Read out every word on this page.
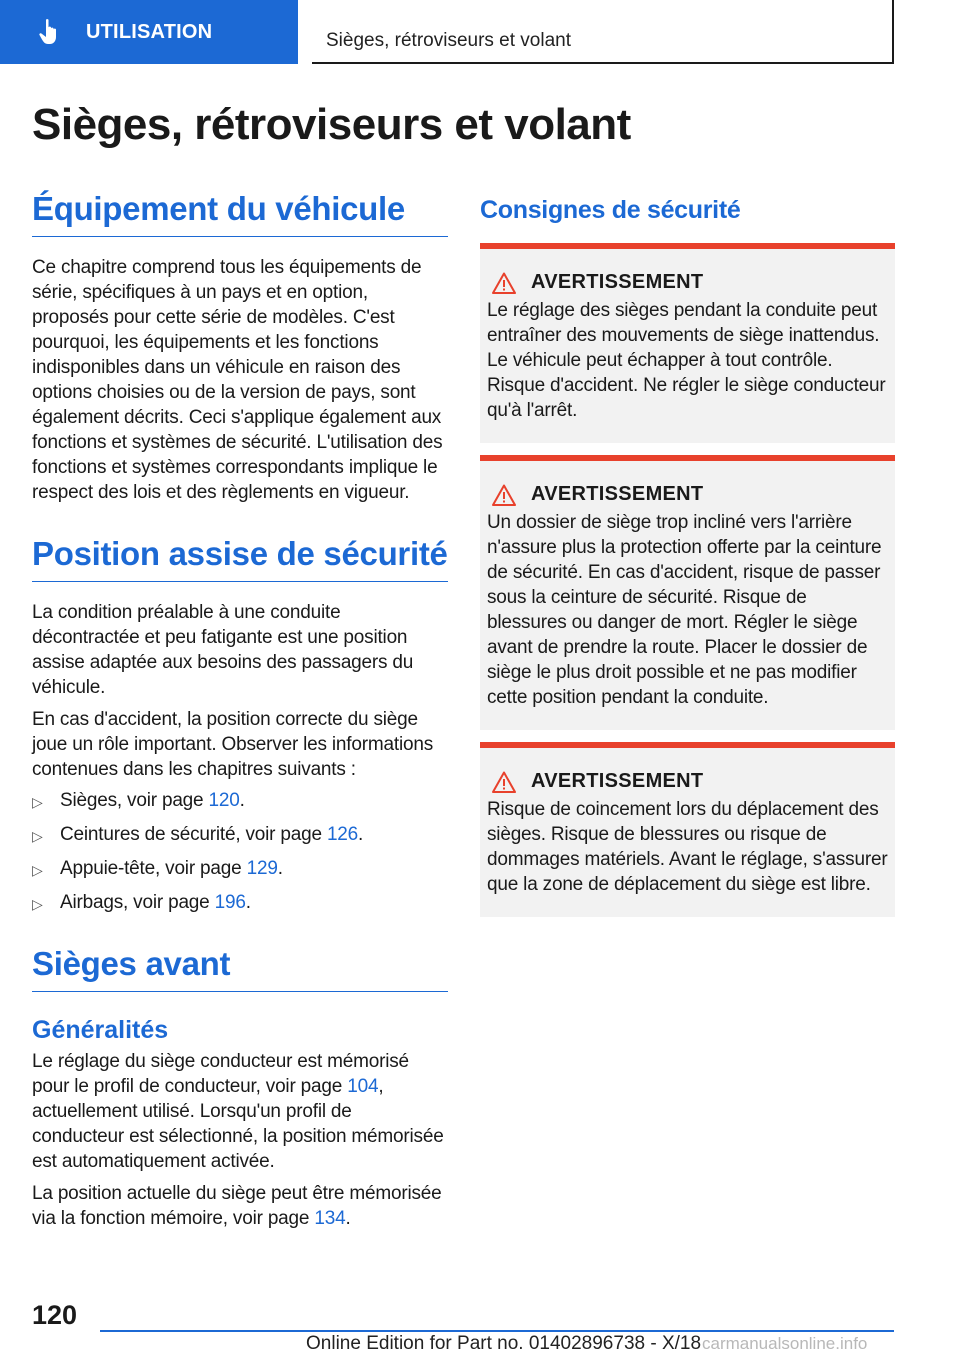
UTILISATION	Sièges, rétroviseurs et volant
Sièges, rétroviseurs et volant
Équipement du véhicule

Ce chapitre comprend tous les équipements de série, spécifiques à un pays et en option, proposés pour cette série de modèles. C'est pourquoi, les équipements et les fonctions indisponibles dans un véhicule en raison des options choisies ou de la version de pays, sont également décrits. Ceci s'applique également aux fonctions et systèmes de sécurité. L'utilisation des fonctions et systèmes correspondants implique le respect des lois et des règlements en vigueur.

Position assise de sécurité

La condition préalable à une conduite décontractée et peu fatigante est une position assise adaptée aux besoins des passagers du véhicule.

En cas d'accident, la position correcte du siège joue un rôle important. Observer les informations contenues dans les chapitres suivants :

▷ Sièges, voir page 120.
▷ Ceintures de sécurité, voir page 126.
▷ Appuie-tête, voir page 129.
▷ Airbags, voir page 196.
Sièges avant
Généralités

Le réglage du siège conducteur est mémorisé pour le profil de conducteur, voir page 104, actuellement utilisé. Lorsqu'un profil de conducteur est sélectionné, la position mémorisée est automatiquement activée.

La position actuelle du siège peut être mémorisée via la fonction mémoire, voir page 134.

Consignes de sécurité
AVERTISSEMENT

Le réglage des sièges pendant la conduite peut entraîner des mouvements de siège inattendus. Le véhicule peut échapper à tout contrôle. Risque d'accident. Ne régler le siège conducteur qu'à l'arrêt.

AVERTISSEMENT

Un dossier de siège trop incliné vers l'arrière n'assure plus la protection offerte par la ceinture de sécurité. En cas d'accident, risque de passer sous la ceinture de sécurité. Risque de blessures ou danger de mort. Régler le siège avant de prendre la route. Placer le dossier de siège le plus droit possible et ne pas modifier cette position pendant la conduite.

AVERTISSEMENT

Risque de coincement lors du déplacement des sièges. Risque de blessures ou risque de dommages matériels. Avant le réglage, s'assurer que la zone de déplacement du siège est libre.

120
Online Edition for Part no. 01402896738 - X/18 carmanualsonline.info
